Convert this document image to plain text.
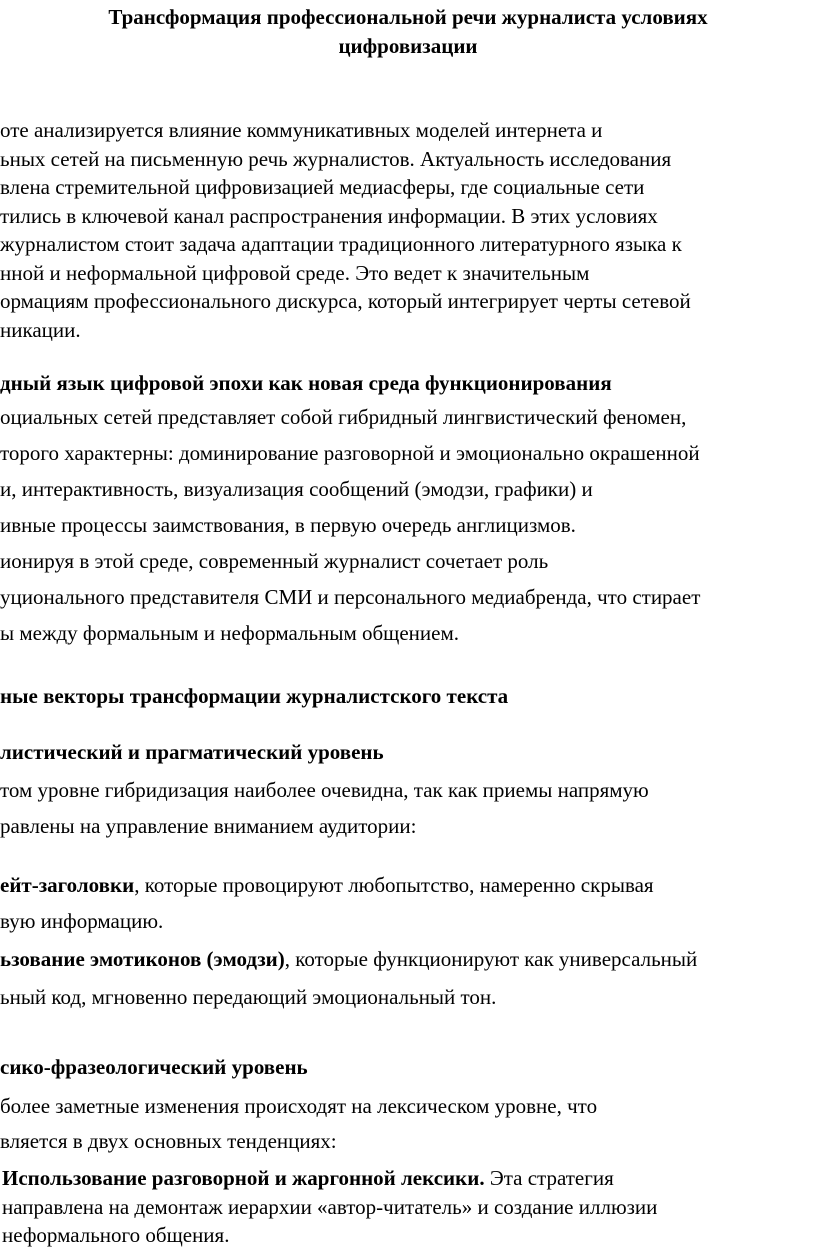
Трансформация профессиональной речи журналиста условиях
цифровизации
оте анализируется влияние коммуникативных моделей интернета и
ьных сетей на письменную речь журналистов. Актуальность исследования
влена стремительной цифровизацией медиасферы, где социальные сети
тились в ключевой канал распространения информации. В этих условиях
журналистом стоит задача адаптации традиционного литературного языка к
нной и неформальной цифровой среде. Это ведет к значительным
ормациям профессионального дискурса, который интегрирует черты сетевой
никации.
дный язык цифровой эпохи как новая среда функционирования
оциальных сетей представляет собой гибридный лингвистический феномен,
торого характерны: доминирование разговорной и эмоционально окрашенной
и, интерактивность, визуализация сообщений (эмодзи, графики) и
ивные процессы заимствования, в первую очередь англицизмов.
ионируя в этой среде, современный журналист сочетает роль
уционального представителя СМИ и персонального медиабренда, что стирает
ы между формальным и неформальным общением.
ные векторы трансформации журналистского текста
листический и прагматический уровень
том уровне гибридизация наиболее очевидна, так как приемы напрямую
равлены на управление вниманием аудитории:
ейт-заголовки, которые провоцируют любопытство, намеренно скрывая
вую информацию.
ьзование эмотиконов (эмодзи), которые функционируют как универсальный
ьный код, мгновенно передающий эмоциональный тон.
сико-фразеологический уровень
более заметные изменения происходят на лексическом уровне, что
вляется в двух основных тенденциях:
Использование разговорной и жаргонной лексики. Эта стратегия
направлена на демонтаж иерархии «автор-читатель» и создание иллюзии
неформального общения.
